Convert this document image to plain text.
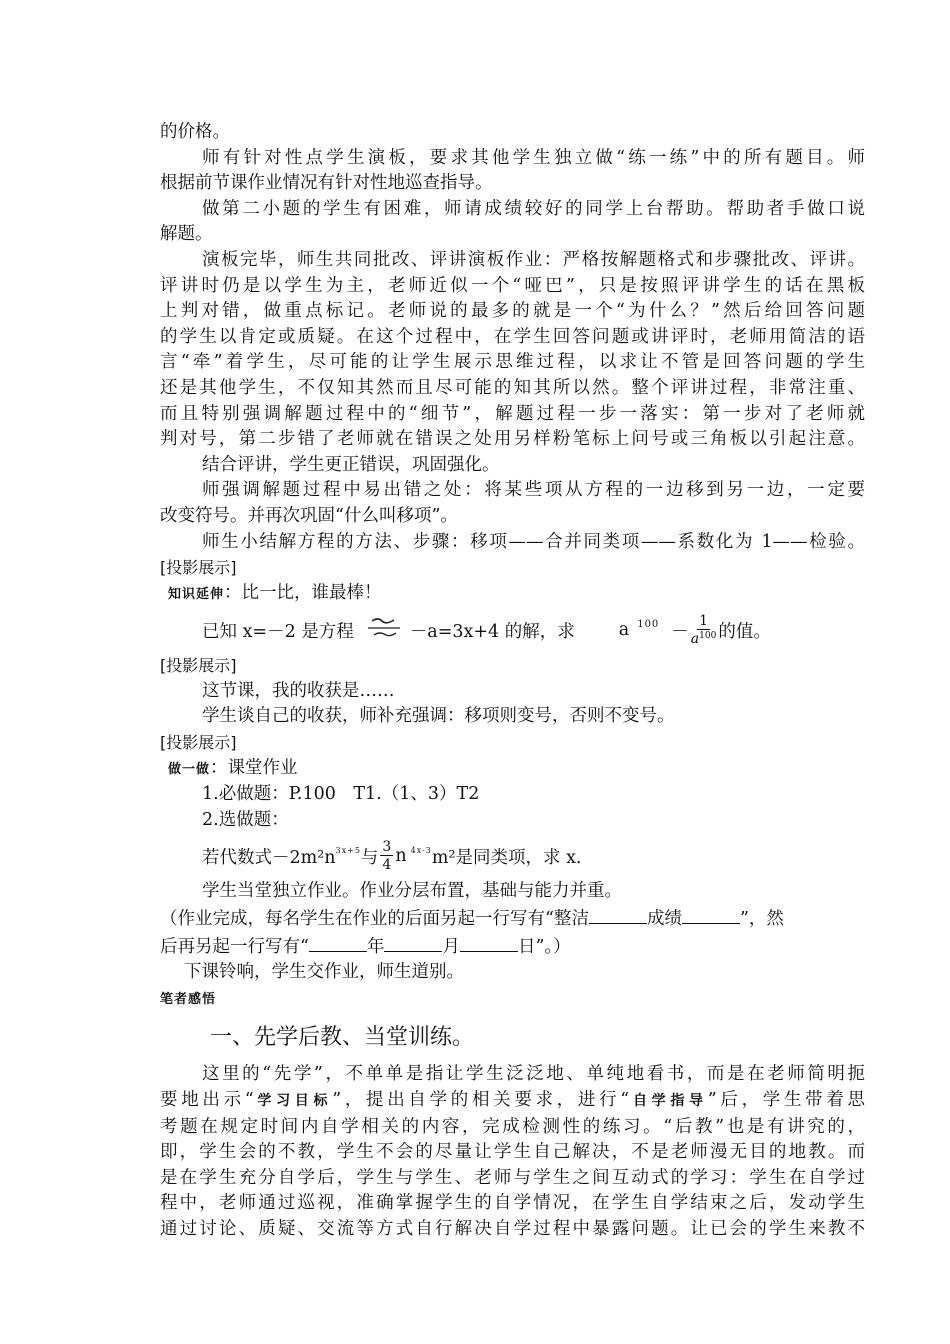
的价格。
师有针对性点学生演板，要求其他学生独立做“练一练”中的所有题目。师
根据前节课作业情况有针对性地巡查指导。
做第二小题的学生有困难，师请成绩较好的同学上台帮助。帮助者手做口说
解题。
演板完毕，师生共同批改、评讲演板作业：严格按解题格式和步骤批改、评讲。
评讲时仍是以学生为主，老师近似一个“哑巴”，只是按照评讲学生的话在黑板
上判对错，做重点标记。老师说的最多的就是一个“为什么？”然后给回答问题
的学生以肯定或质疑。在这个过程中，在学生回答问题或讲评时，老师用简洁的语
言“牵”着学生，尽可能的让学生展示思维过程，以求让不管是回答问题的学生
还是其他学生，不仅知其然而且尽可能的知其所以然。整个评讲过程，非常注重、
而且特别强调解题过程中的“细节”，解题过程一步一落实：第一步对了老师就
判对号，第二步错了老师就在错误之处用另样粉笔标上问号或三角板以引起注意。
结合评讲，学生更正错误，巩固强化。
师强调解题过程中易出错之处：将某些项从方程的一边移到另一边，一定要
改变符号。并再次巩固“什么叫移项”。
师生小结解方程的方法、步骤：移项——合并同类项——系数化为 1——检验。
[投影展示]
知识延伸：比一比，谁最棒！
已知 x=－2 是方程	－a=3x+4 的解，求	a $100 - \frac{1}{a^{100}}$ 的值。
[投影展示]
这节课，我的收获是……
学生谈自己的收获，师补充强调：移项则变号，否则不变号。
[投影展示]
做一做：课堂作业
1.必做题：P.100　T1.（1、3）T2
2.选做题：
若代数式－2m²n 3x+5 与 $\frac{3}{4}$ n 4x-3 m²是同类项，求 x.
学生当堂独立作业。作业分层布置，基础与能力并重。
（作业完成，每名学生在作业的后面另起一行写有“整洁	成绩	”，然
后再另起一行写有“	年	月	日”。）
下课铃响，学生交作业，师生道别。
笔者感悟
一、先学后教、当堂训练。
这里的“先学”，不单单是指让学生泛泛地、单纯地看书，而是在老师简明扼
要地出示“学习目标”，提出自学的相关要求，进行“自学指导”后，学生带着思
考题在规定时间内自学相关的内容，完成检测性的练习。“后教”也是有讲究的，
即，学生会的不教，学生不会的尽量让学生自己解决，不是老师漫无目的地教。而
是在学生充分自学后，学生与学生、老师与学生之间互动式的学习：学生在自学过
程中，老师通过巡视，准确掌握学生的自学情况，在学生自学结束之后，发动学生
通过讨论、质疑、交流等方式自行解决自学过程中暴露问题。让已会的学生来教不
